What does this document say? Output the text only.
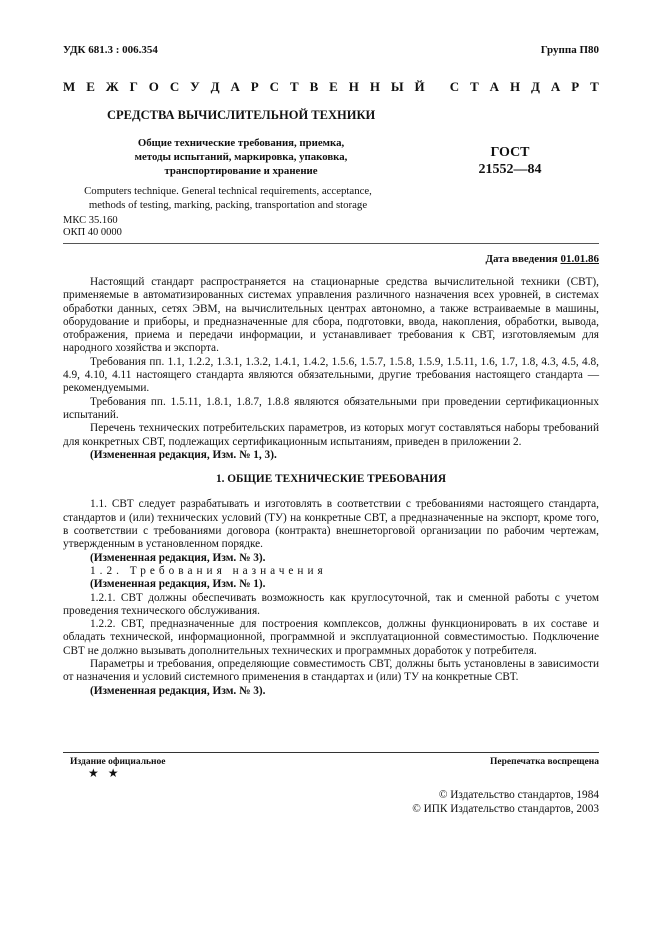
УДК 681.3 : 006.354	Группа П80
М Е Ж Г О С У Д А Р С Т В Е Н Н Ы Й
С Т А Н Д А Р Т
СРЕДСТВА ВЫЧИСЛИТЕЛЬНОЙ ТЕХНИКИ
Общие технические требования, приемка,
методы испытаний, маркировка, упаковка,
транспортирование и хранение
ГОСТ
21552—84
Computers technique. General technical requirements, acceptance,
methods of testing, marking, packing, transportation and storage
МКС 35.160
ОКП 40 0000
Дата введения 01.01.86

Настоящий стандарт распространяется на стационарные средства вычислительной техники (СВТ), применяемые в автоматизированных системах управления различного назначения всех уровней, в системах обработки данных, сетях ЭВМ, на вычислительных центрах автономно, а также встраиваемые в машины, оборудование и приборы, и предназначенные для сбора, подготовки, ввода, накопления, обработки, вывода, отображения, приема и передачи информации, и устанавливает требования к СВТ, изготовляемым для народного хозяйства и экспорта.

Требования пп. 1.1, 1.2.2, 1.3.1, 1.3.2, 1.4.1, 1.4.2, 1.5.6, 1.5.7, 1.5.8, 1.5.9, 1.5.11, 1.6, 1.7, 1.8, 4.3, 4.5, 4.8, 4.9, 4.10, 4.11 настоящего стандарта являются обязательными, другие требования настоящего стандарта — рекомендуемыми.

Требования пп. 1.5.11, 1.8.1, 1.8.7, 1.8.8 являются обязательными при проведении сертификационных испытаний.

Перечень технических потребительских параметров, из которых могут составляться наборы требований для конкретных СВТ, подлежащих сертификационным испытаниям, приведен в приложении 2.

(Измененная редакция, Изм. № 1, 3).

1. ОБЩИЕ ТЕХНИЧЕСКИЕ ТРЕБОВАНИЯ

1.1. СВТ следует разрабатывать и изготовлять в соответствии с требованиями настоящего стандарта, стандартов и (или) технических условий (ТУ) на конкретные СВТ, а предназначенные на экспорт, кроме того, в соответствии с требованиями договора (контракта) внешнеторговой организации по рабочим чертежам, утвержденным в установленном порядке.

(Измененная редакция, Изм. № 3).

1.2. Требования назначения

(Измененная редакция, Изм. № 1).

1.2.1. СВТ должны обеспечивать возможность как круглосуточной, так и сменной работы с учетом проведения технического обслуживания.

1.2.2. СВТ, предназначенные для построения комплексов, должны функционировать в их составе и обладать технической, информационной, программной и эксплуатационной совместимостью. Подключение СВТ не должно вызывать дополнительных технических и программных доработок у потребителя.

Параметры и требования, определяющие совместимость СВТ, должны быть установлены в зависимости от назначения и условий системного применения в стандартах и (или) ТУ на конкретные СВТ.

(Измененная редакция, Изм. № 3).

Издание официальное
★ ★
Перепечатка воспрещена
© Издательство стандартов, 1984
© ИПК Издательство стандартов, 2003
